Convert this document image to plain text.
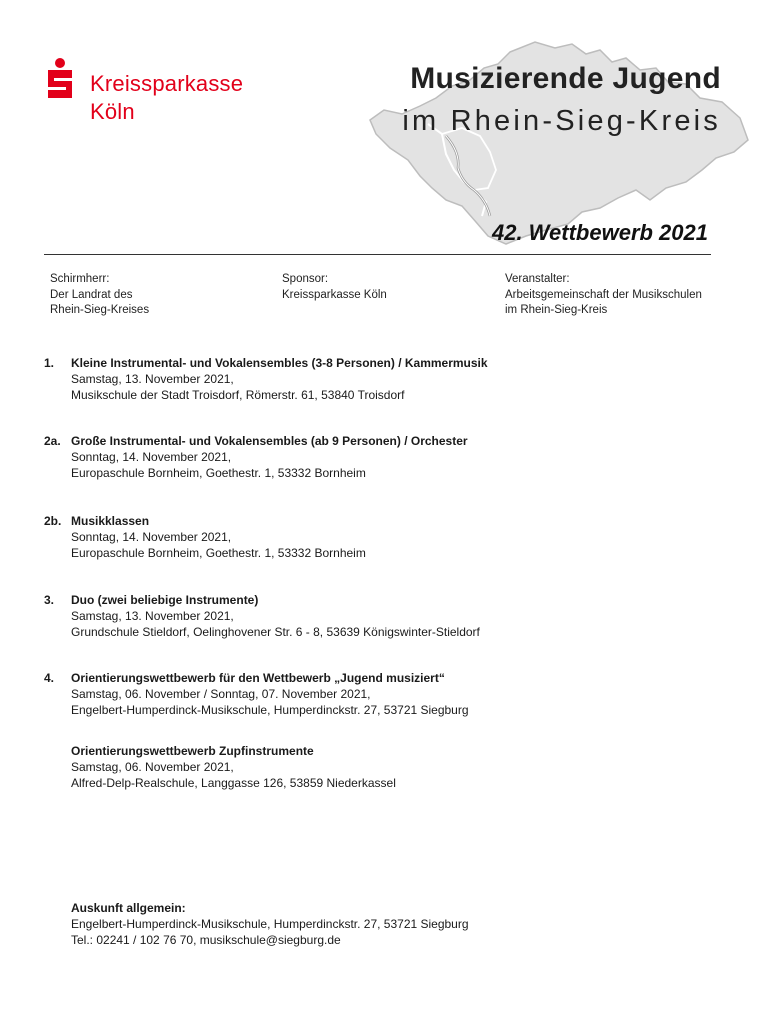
Kreissparkasse
Köln
Musizierende Jugend
im Rhein-Sieg-Kreis
42. Wettbewerb 2021
Schirmherr:
Der Landrat des
Rhein-Sieg-Kreises
Sponsor:
Kreissparkasse Köln
Veranstalter:
Arbeitsgemeinschaft der Musikschulen
im Rhein-Sieg-Kreis
1. Kleine Instrumental- und Vokalensembles (3-8 Personen) / Kammermusik
Samstag, 13. November 2021,
Musikschule der Stadt Troisdorf, Römerstr. 61, 53840 Troisdorf
2a. Große Instrumental- und Vokalensembles (ab 9 Personen) / Orchester
Sonntag, 14. November 2021,
Europaschule Bornheim, Goethestr. 1, 53332 Bornheim
2b. Musikklassen
Sonntag, 14. November 2021,
Europaschule Bornheim, Goethestr. 1, 53332 Bornheim
3. Duo (zwei beliebige Instrumente)
Samstag, 13. November 2021,
Grundschule Stieldorf, Oelinghovener Str. 6 - 8, 53639 Königswinter-Stieldorf
4. Orientierungswettbewerb für den Wettbewerb „Jugend musiziert“
Samstag, 06. November / Sonntag, 07. November 2021,
Engelbert-Humperdinck-Musikschule, Humperdinckstr. 27, 53721 Siegburg
Orientierungswettbewerb Zupfinstrumente
Samstag, 06. November 2021,
Alfred-Delp-Realschule, Langgasse 126, 53859 Niederkassel
Auskunft allgemein:
Engelbert-Humperdinck-Musikschule, Humperdinckstr. 27, 53721 Siegburg
Tel.: 02241 / 102 76 70, musikschule@siegburg.de
